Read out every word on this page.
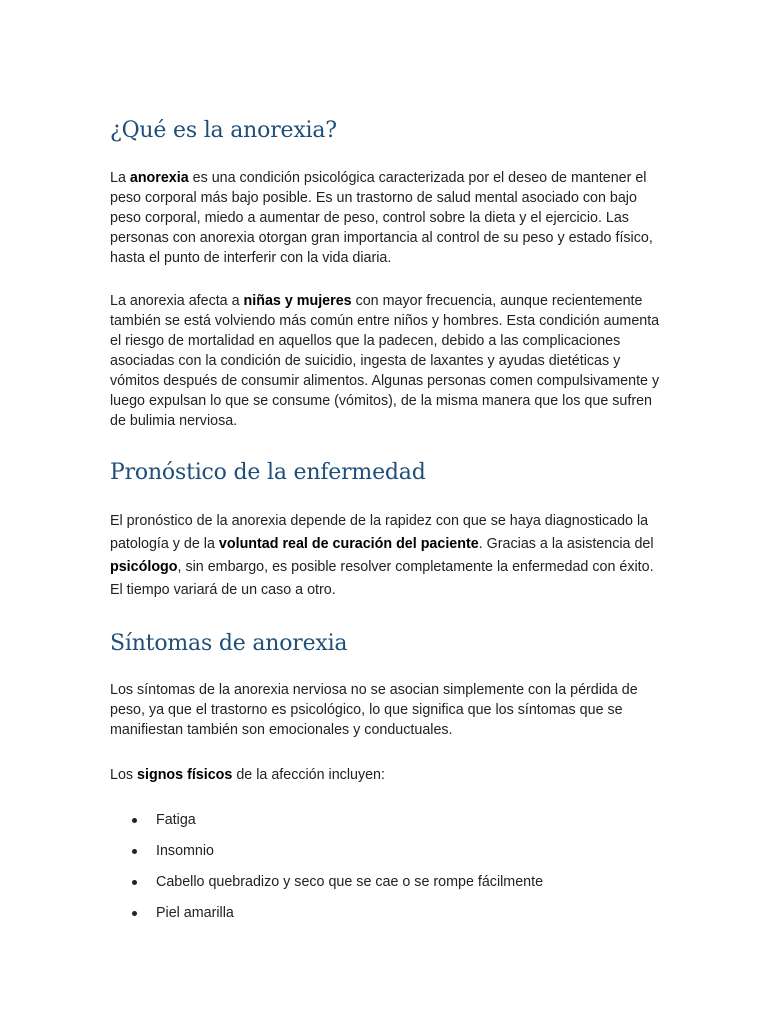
¿Qué es la anorexia?

La anorexia es una condición psicológica caracterizada por el deseo de mantener el peso corporal más bajo posible. Es un trastorno de salud mental asociado con bajo peso corporal, miedo a aumentar de peso, control sobre la dieta y el ejercicio. Las personas con anorexia otorgan gran importancia al control de su peso y estado físico, hasta el punto de interferir con la vida diaria.

La anorexia afecta a niñas y mujeres con mayor frecuencia, aunque recientemente también se está volviendo más común entre niños y hombres. Esta condición aumenta el riesgo de mortalidad en aquellos que la padecen, debido a las complicaciones asociadas con la condición de suicidio, ingesta de laxantes y ayudas dietéticas y vómitos después de consumir alimentos. Algunas personas comen compulsivamente y luego expulsan lo que se consume (vómitos), de la misma manera que los que sufren de bulimia nerviosa.

Pronóstico de la enfermedad

El pronóstico de la anorexia depende de la rapidez con que se haya diagnosticado la patología y de la voluntad real de curación del paciente. Gracias a la asistencia del psicólogo, sin embargo, es posible resolver completamente la enfermedad con éxito. El tiempo variará de un caso a otro.

Síntomas de anorexia

Los síntomas de la anorexia nerviosa no se asocian simplemente con la pérdida de peso, ya que el trastorno es psicológico, lo que significa que los síntomas que se manifiestan también son emocionales y conductuales.

Los signos físicos de la afección incluyen:

Fatiga
Insomnio
Cabello quebradizo y seco que se cae o se rompe fácilmente
Piel amarilla
